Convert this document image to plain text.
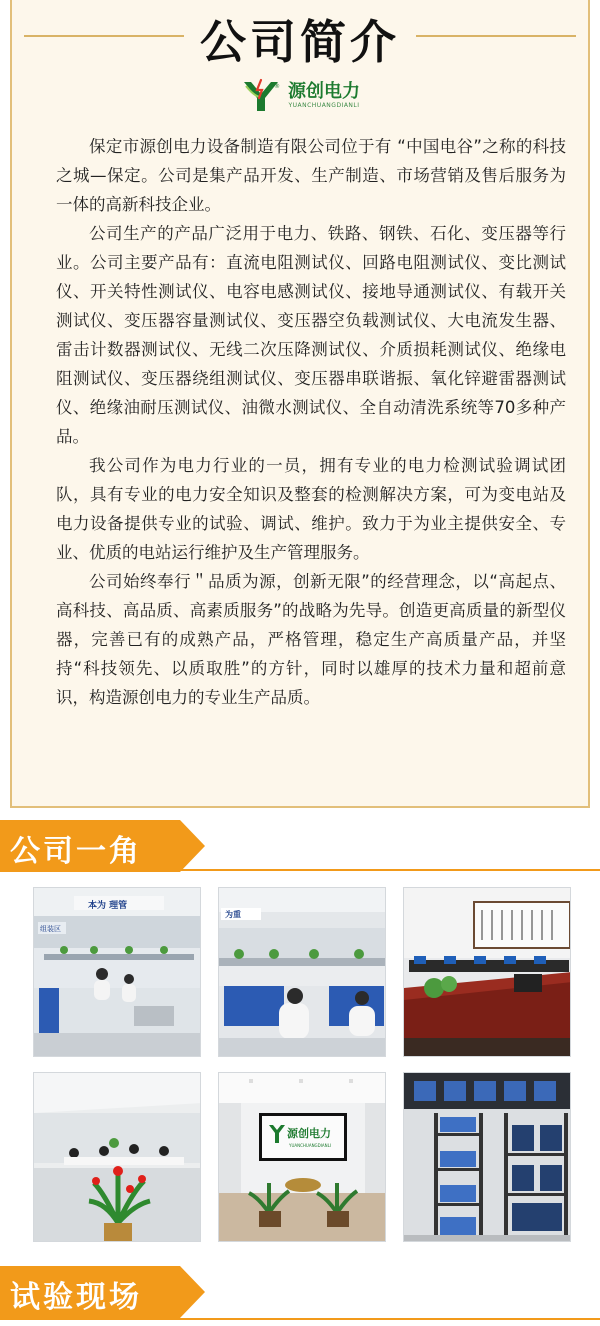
公司简介
® 源创电力
YUANCHUANGDIANLI

保定市源创电力设备制造有限公司位于有 “中国电谷”之称的科技之城—保定。公司是集产品开发、生产制造、市场营销及售后服务为一体的高新科技企业。

公司生产的产品广泛用于电力、铁路、钢铁、石化、变压器等行业。公司主要产品有：直流电阻测试仪、回路电阻测试仪、变比测试仪、开关特性测试仪、电容电感测试仪、接地导通测试仪、有载开关测试仪、变压器容量测试仪、变压器空负载测试仪、大电流发生器、雷击计数器测试仪、无线二次压降测试仪、介质损耗测试仪、绝缘电阻测试仪、变压器绕组测试仪、变压器串联谐振、氧化锌避雷器测试仪、绝缘油耐压测试仪、油微水测试仪、全自动清洗系统等70多种产品。

我公司作为电力行业的一员，拥有专业的电力检测试验调试团队，具有专业的电力安全知识及整套的检测解决方案，可为变电站及电力设备提供专业的试验、调试、维护。致力于为业主提供安全、专业、优质的电站运行维护及生产管理服务。

公司始终奉行＂品质为源，创新无限”的经营理念，以“高起点、高科技、高品质、高素质服务”的战略为先导。创造更高质量的新型仪器，完善已有的成熟产品，严格管理，稳定生产高质量产品，并坚持“科技领先、以质取胜”的方针，同时以雄厚的技术力量和超前意识，构造源创电力的专业生产品质。

公司一角
本为 理管
组装区
为重
源创电力
YUANCHUANGDIANLI
试验现场
